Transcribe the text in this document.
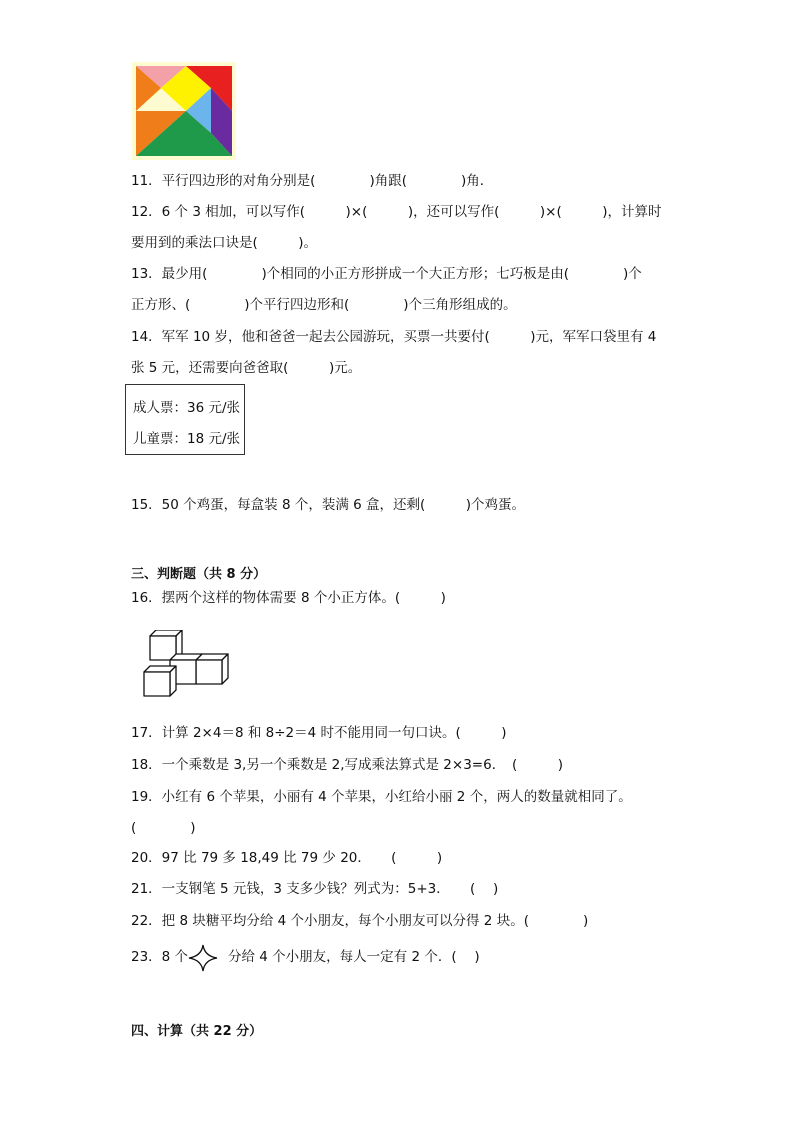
11．平行四边形的对角分别是(　　　　)角跟(　　　　)角．
12．6 个 3 相加，可以写作(　　　)×(　　　)，还可以写作(　　　)×(　　　)，计算时
要用到的乘法口诀是(　　　)。
13．最少用(　　　　)个相同的小正方形拼成一个大正方形；七巧板是由(　　　　)个
正方形、(　　　　)个平行四边形和(　　　　)个三角形组成的。
14．军军 10 岁，他和爸爸一起去公园游玩，买票一共要付(　　　)元，军军口袋里有 4
张 5 元，还需要向爸爸取(　　　)元。
成人票：36 元/张
儿童票：18 元/张
15．50 个鸡蛋，每盒装 8 个，装满 6 盒，还剩(　　　)个鸡蛋。
三、判断题（共 8 分）
16．摆两个这样的物体需要 8 个小正方体。(　　　)
17．计算 2×4＝8 和 8÷2＝4 时不能用同一句口诀。(　　　)
18．一个乘数是 3,另一个乘数是 2,写成乘法算式是 2×3=6．　(　　　)
19．小红有 6 个苹果，小丽有 4 个苹果，小红给小丽 2 个，两人的数量就相同了。
(　　　　)
20．97 比 79 多 18,49 比 79 少 20．　　(　　　)
21．一支钢笔 5 元钱，3 支多少钱？列式为：5+3．　　(　 )
22．把 8 块糖平均分给 4 个小朋友，每个小朋友可以分得 2 块。(　　　　)
23．8 个	分给 4 个小朋友，每人一定有 2 个．(　 )
四、计算（共 22 分）
